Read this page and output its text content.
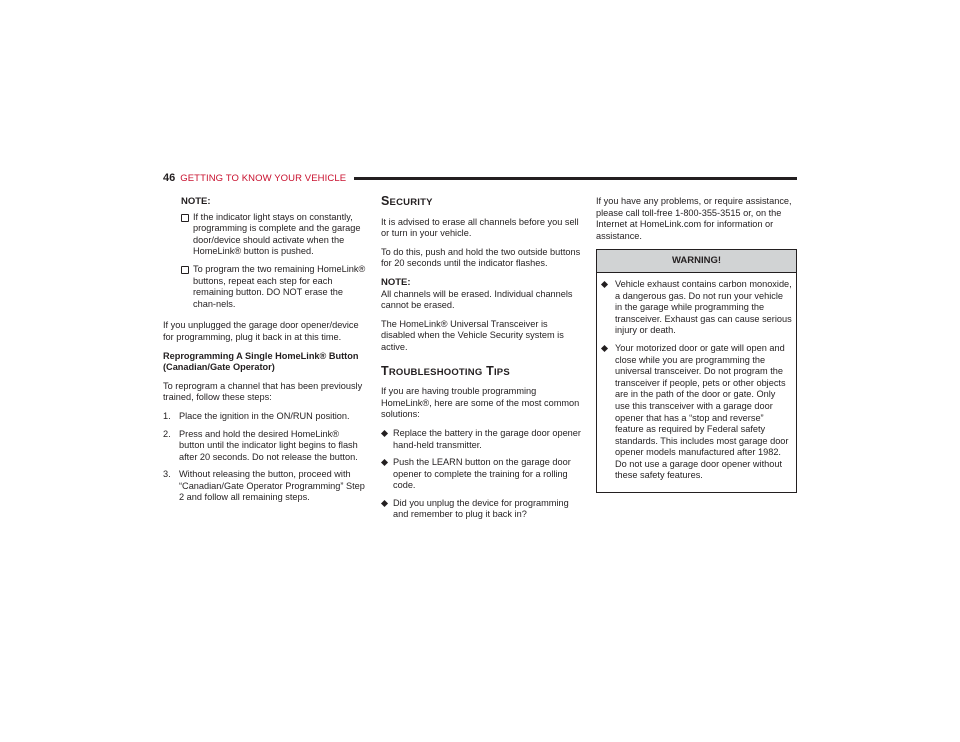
46 GETTING TO KNOW YOUR VEHICLE
NOTE:
If the indicator light stays on constantly, programming is complete and the garage door/device should activate when the HomeLink® button is pushed.
To program the two remaining HomeLink® buttons, repeat each step for each remaining button. DO NOT erase the chan-nels.

If you unplugged the garage door opener/device for programming, plug it back in at this time.

Reprogramming A Single HomeLink® Button (Canadian/Gate Operator)

To reprogram a channel that has been previously trained, follow these steps:

1. Place the ignition in the ON/RUN position.
2. Press and hold the desired HomeLink® button until the indicator light begins to flash after 20 seconds. Do not release the button.
3. Without releasing the button, proceed with “Canadian/Gate Operator Programming” Step 2 and follow all remaining steps.
SECURITY

It is advised to erase all channels before you sell or turn in your vehicle.

To do this, push and hold the two outside buttons for 20 seconds until the indicator flashes.

NOTE:

All channels will be erased. Individual channels cannot be erased.

The HomeLink® Universal Transceiver is disabled when the Vehicle Security system is active.

TROUBLESHOOTING TIPS

If you are having trouble programming HomeLink®, here are some of the most common solutions:

Replace the battery in the garage door opener hand-held transmitter.
Push the LEARN button on the garage door opener to complete the training for a rolling code.
Did you unplug the device for programming and remember to plug it back in?

If you have any problems, or require assistance, please call toll-free 1-800-355-3515 or, on the Internet at HomeLink.com for information or assistance.

WARNING!
Vehicle exhaust contains carbon monoxide, a dangerous gas. Do not run your vehicle in the garage while programming the transceiver. Exhaust gas can cause serious injury or death.
Your motorized door or gate will open and close while you are programming the universal transceiver. Do not program the transceiver if people, pets or other objects are in the path of the door or gate. Only use this transceiver with a garage door opener that has a “stop and reverse” feature as required by Federal safety standards. This includes most garage door opener models manufactured after 1982. Do not use a garage door opener without these safety features.
